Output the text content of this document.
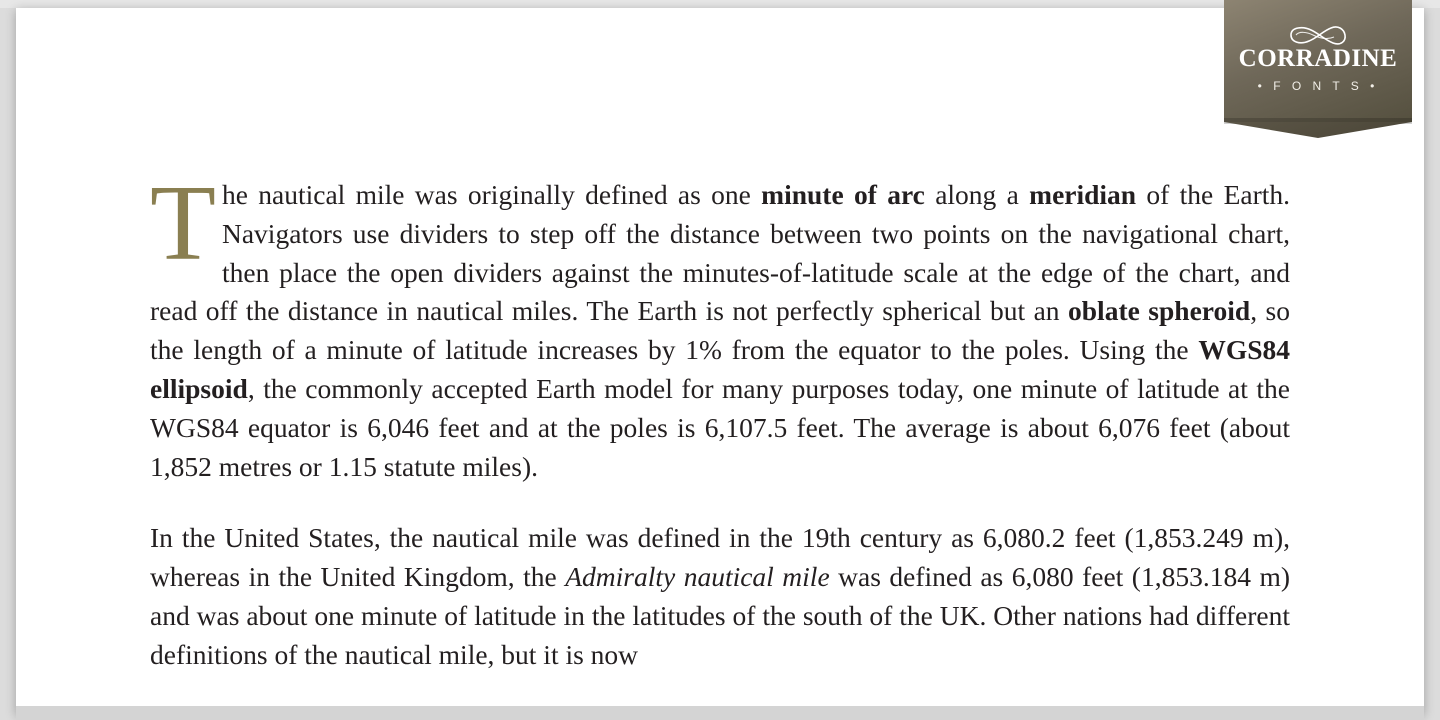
The nautical mile was originally defined as one minute of arc along a meridian of the Earth. Navigators use dividers to step off the distance between two points on the navigational chart, then place the open dividers against the minutes-of-latitude scale at the edge of the chart, and read off the distance in nautical miles. The Earth is not perfectly spherical but an oblate spheroid, so the length of a minute of latitude increases by 1% from the equator to the poles. Using the WGS84 ellipsoid, the commonly accepted Earth model for many purposes today, one minute of latitude at the WGS84 equator is 6,046 feet and at the poles is 6,107.5 feet. The average is about 6,076 feet (about 1,852 metres or 1.15 statute miles).

In the United States, the nautical mile was defined in the 19th century as 6,080.2 feet (1,853.249 m), whereas in the United Kingdom, the Admiralty nautical mile was defined as 6,080 feet (1,853.184 m) and was about one minute of latitude in the latitudes of the south of the UK. Other nations had different definitions of the nautical mile, but it is now

CORRADINE
• F O N T S •
